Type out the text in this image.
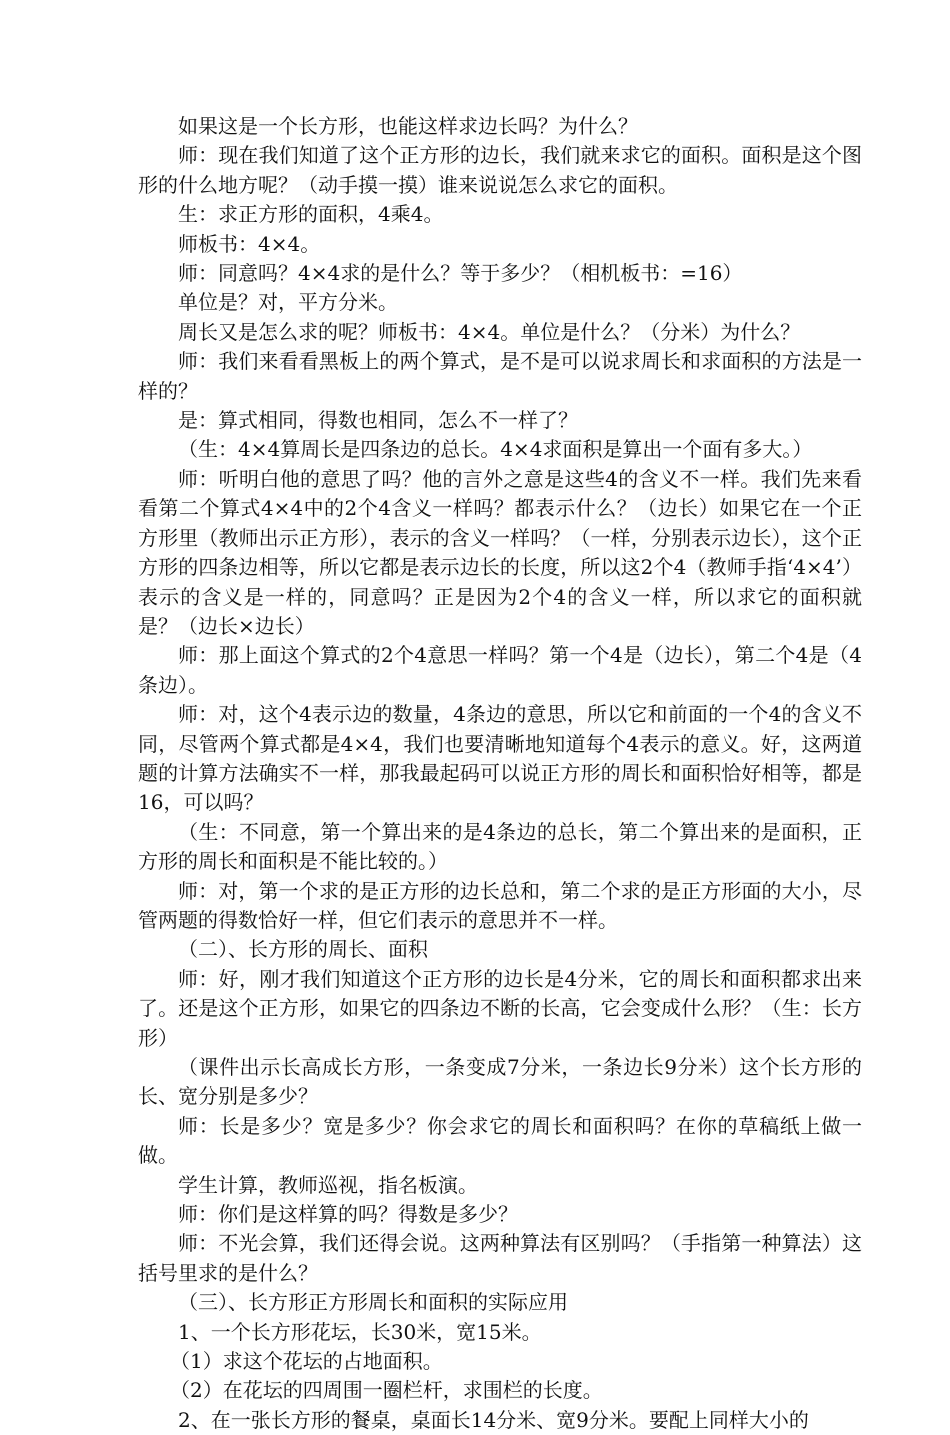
如果这是一个长方形，也能这样求边长吗？为什么？

师：现在我们知道了这个正方形的边长，我们就来求它的面积。面积是这个图形的什么地方呢？（动手摸一摸）谁来说说怎么求它的面积。

生：求正方形的面积，4乘4。

师板书：4×4。

师：同意吗？4×4求的是什么？等于多少？（相机板书：=16）

单位是？对，平方分米。

周长又是怎么求的呢？师板书：4×4。单位是什么？（分米）为什么？

师：我们来看看黑板上的两个算式，是不是可以说求周长和求面积的方法是一样的？

是：算式相同，得数也相同，怎么不一样了？

（生：4×4算周长是四条边的总长。4×4求面积是算出一个面有多大。）

师：听明白他的意思了吗？他的言外之意是这些4的含义不一样。我们先来看看第二个算式4×4中的2个4含义一样吗？都表示什么？（边长）如果它在一个正方形里（教师出示正方形），表示的含义一样吗？（一样，分别表示边长），这个正方形的四条边相等，所以它都是表示边长的长度，所以这2个4（教师手指‘4×4’）表示的含义是一样的，同意吗？正是因为2个4的含义一样，所以求它的面积就是？（边长×边长）

师：那上面这个算式的2个4意思一样吗？第一个4是（边长），第二个4是（4条边）。

师：对，这个4表示边的数量，4条边的意思，所以它和前面的一个4的含义不同，尽管两个算式都是4×4，我们也要清晰地知道每个4表示的意义。好，这两道题的计算方法确实不一样，那我最起码可以说正方形的周长和面积恰好相等，都是16，可以吗？

（生：不同意，第一个算出来的是4条边的总长，第二个算出来的是面积，正方形的周长和面积是不能比较的。）

师：对，第一个求的是正方形的边长总和，第二个求的是正方形面的大小，尽管两题的得数恰好一样，但它们表示的意思并不一样。

（二）、长方形的周长、面积

师：好，刚才我们知道这个正方形的边长是4分米，它的周长和面积都求出来了。还是这个正方形，如果它的四条边不断的长高，它会变成什么形？（生：长方形）

（课件出示长高成长方形，一条变成7分米，一条边长9分米）这个长方形的长、宽分别是多少？

师：长是多少？宽是多少？你会求它的周长和面积吗？在你的草稿纸上做一做。

学生计算，教师巡视，指名板演。

师：你们是这样算的吗？得数是多少？

师：不光会算，我们还得会说。这两种算法有区别吗？（手指第一种算法）这括号里求的是什么？

（三）、长方形正方形周长和面积的实际应用

1、一个长方形花坛，长30米，宽15米。

（1）求这个花坛的占地面积。

（2）在花坛的四周围一圈栏杆，求围栏的长度。

2、在一张长方形的餐桌，桌面长14分米、宽9分米。要配上同样大小的
